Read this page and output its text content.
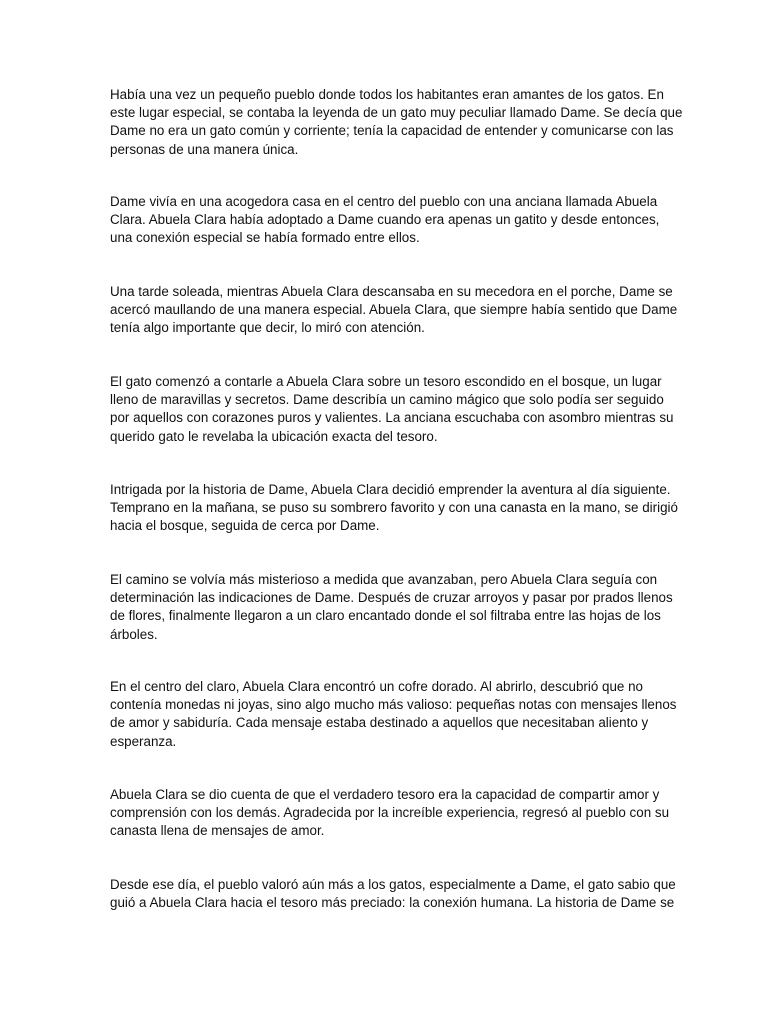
Había una vez un pequeño pueblo donde todos los habitantes eran amantes de los gatos. En
este lugar especial, se contaba la leyenda de un gato muy peculiar llamado Dame. Se decía que
Dame no era un gato común y corriente; tenía la capacidad de entender y comunicarse con las
personas de una manera única.

Dame vivía en una acogedora casa en el centro del pueblo con una anciana llamada Abuela
Clara. Abuela Clara había adoptado a Dame cuando era apenas un gatito y desde entonces,
una conexión especial se había formado entre ellos.

Una tarde soleada, mientras Abuela Clara descansaba en su mecedora en el porche, Dame se
acercó maullando de una manera especial. Abuela Clara, que siempre había sentido que Dame
tenía algo importante que decir, lo miró con atención.

El gato comenzó a contarle a Abuela Clara sobre un tesoro escondido en el bosque, un lugar
lleno de maravillas y secretos. Dame describía un camino mágico que solo podía ser seguido
por aquellos con corazones puros y valientes. La anciana escuchaba con asombro mientras su
querido gato le revelaba la ubicación exacta del tesoro.

Intrigada por la historia de Dame, Abuela Clara decidió emprender la aventura al día siguiente.
Temprano en la mañana, se puso su sombrero favorito y con una canasta en la mano, se dirigió
hacia el bosque, seguida de cerca por Dame.

El camino se volvía más misterioso a medida que avanzaban, pero Abuela Clara seguía con
determinación las indicaciones de Dame. Después de cruzar arroyos y pasar por prados llenos
de flores, finalmente llegaron a un claro encantado donde el sol filtraba entre las hojas de los
árboles.

En el centro del claro, Abuela Clara encontró un cofre dorado. Al abrirlo, descubrió que no
contenía monedas ni joyas, sino algo mucho más valioso: pequeñas notas con mensajes llenos
de amor y sabiduría. Cada mensaje estaba destinado a aquellos que necesitaban aliento y
esperanza.

Abuela Clara se dio cuenta de que el verdadero tesoro era la capacidad de compartir amor y
comprensión con los demás. Agradecida por la increíble experiencia, regresó al pueblo con su
canasta llena de mensajes de amor.

Desde ese día, el pueblo valoró aún más a los gatos, especialmente a Dame, el gato sabio que
guió a Abuela Clara hacia el tesoro más preciado: la conexión humana. La historia de Dame se
